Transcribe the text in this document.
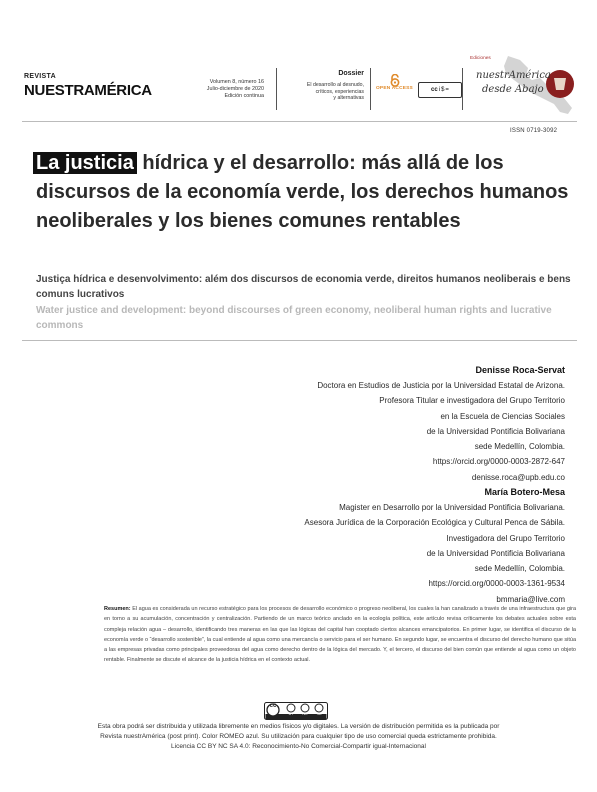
REVISTA
NUESTRAMÉRICA	Volumen 8, número 16
Julio-diciembre de 2020
Edición continua
Dossier
El desarrollo al desnudo,
críticos, experiencias
y alternativas
OPEN ACCESS	cc i $ =
Ediciones
nuestrAmérica
desde Abajo
ISSN 0719-3092
La justicia hídrica y el desarrollo: más allá de los discursos de la economía verde, los derechos humanos neoliberales y los bienes comunes rentables
Justiça hídrica e desenvolvimento: além dos discursos de economia verde, direitos humanos neoliberais e bens comuns lucrativos
Water justice and development: beyond discourses of green economy, neoliberal human rights and lucrative commons
Denisse Roca-Servat
Doctora en Estudios de Justicia por la Universidad Estatal de Arizona.
Profesora Titular e investigadora del Grupo Territorio
en la Escuela de Ciencias Sociales
de la Universidad Pontificia Bolivariana
sede Medellín, Colombia.
https://orcid.org/0000-0003-2872-647
denisse.roca@upb.edu.co
María Botero-Mesa
Magister en Desarrollo por la Universidad Pontificia Bolivariana.
Asesora Jurídica de la Corporación Ecológica y Cultural Penca de Sábila.
Investigadora del Grupo Territorio
de la Universidad Pontificia Bolivariana
sede Medellín, Colombia.
https://orcid.org/0000-0003-1361-9534
bmmaria@live.com
Resumen: El agua es considerada un recurso estratégico para los procesos de desarrollo económico o progreso neoliberal, los cuales la han canalizado a través de una infraestructura que gira en torno a su acumulación, concentración y centralización. Partiendo de un marco teórico anclado en la ecología política, este artículo revisa críticamente los debates actuales sobre esta compleja relación agua – desarrollo, identificando tres maneras en las que las lógicas del capital han cooptado ciertos alcances emancipatorios. En primer lugar, se identifica el discurso de la economía verde o “desarrollo sostenible”, la cual entiende al agua como una mercancía o servicio para el ser humano. En segundo lugar, se encuentra el discurso del derecho humano que sitúa a las empresas privadas como principales proveedoras del agua como derecho dentro de la lógica del mercado. Y, el tercero, el discurso del bien común que entiende al agua como un objeto rentable. Finalmente se discute el alcance de la justicia hídrica en el contexto actual.
cc
BY	NC	SA
Esta obra podrá ser distribuida y utilizada libremente en medios físicos y/o digitales. La versión de distribución permitida es la publicada por
Revista nuestrAmérica (post print). Color ROMEO azul. Su utilización para cualquier tipo de uso comercial queda estrictamente prohibida.
Licencia CC BY NC SA 4.0: Reconocimiento-No Comercial-Compartir igual-Internacional
